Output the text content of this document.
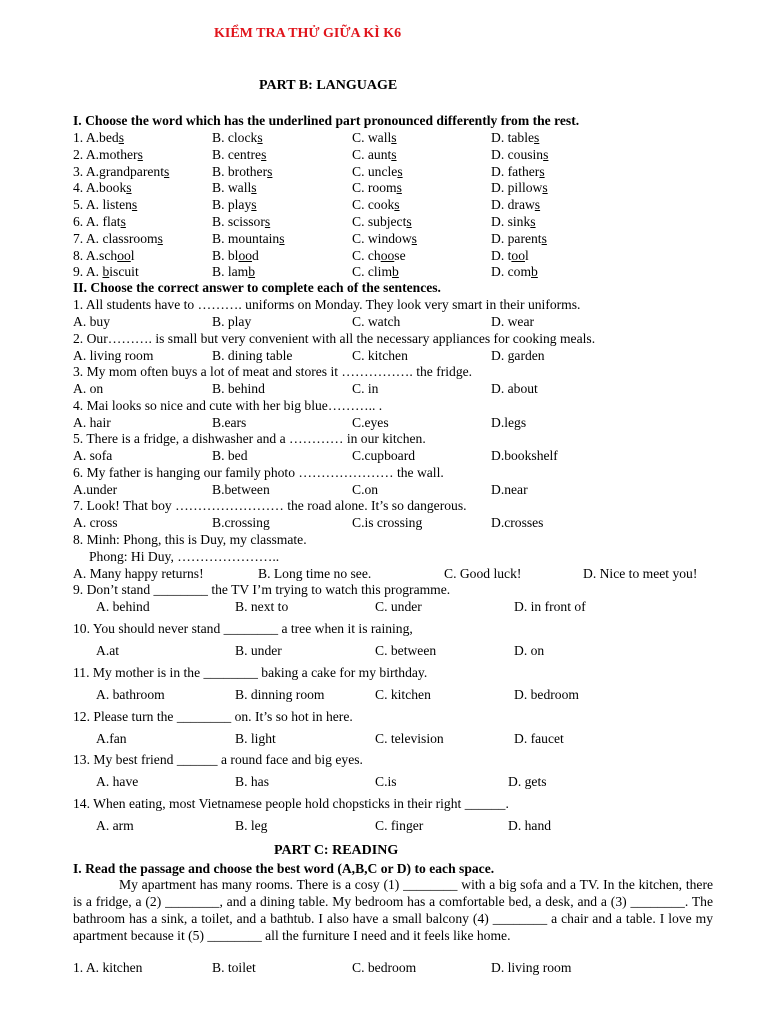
KIỂM TRA THỬ GIỮA KÌ K6
PART B: LANGUAGE
I. Choose the word which has the underlined part pronounced differently from the rest.
1. A.beds	B. clocks	C. walls	D. tables
2. A.mothers	B. centres	C. aunts	D. cousins
3. A.grandparents	B. brothers	C. uncles	D. fathers
4. A.books	B. walls	C. rooms	D. pillows
5. A. listens	B. plays	C. cooks	D. draws
6. A. flats	B. scissors	C. subjects	D. sinks
7. A. classrooms	B. mountains	C. windows	D. parents
8. A.school	B. blood	C. choose	D. tool
9. A. biscuit	B. lamb	C. climb	D. comb
II. Choose the correct answer to complete each of the sentences.
1. All students have to ………. uniforms on Monday. They look very smart in their uniforms.
A. buy	B. play	C. watch	D. wear
2. Our………. is small but very convenient with all the necessary appliances for cooking meals.
A. living room	B. dining table	C. kitchen	D. garden
3. My mom often buys a lot of meat and stores it ……………. the fridge.
A. on	B. behind	C. in	D. about
4. Mai looks so nice and cute with her big blue……….. .
A. hair	B.ears	C.eyes	D.legs
5. There is a fridge, a dishwasher and a ………… in our kitchen.
A. sofa	B. bed	C.cupboard	D.bookshelf
6. My father is hanging our family photo ………………… the wall.
A.under	B.between	C.on	D.near
7. Look! That boy …………………… the road alone. It’s so dangerous.
A. cross	B.crossing	C.is crossing	D.crosses
8. Minh: Phong, this is Duy, my classmate.
Phong: Hi Duy, …………………..
A. Many happy returns!	B. Long time no see.	C. Good luck!	D. Nice to meet you!
9. Don’t stand ________ the TV I’m trying to watch this programme.
A. behind	B. next to	C. under	D. in front of
10. You should never stand ________ a tree when it is raining,
A.at	B. under	C. between	D. on
11. My mother is in the ________ baking a cake for my birthday.
A. bathroom	B. dinning room	C. kitchen	D. bedroom
12. Please turn the ________ on. It’s so hot in here.
A.fan	B. light	C. television	D. faucet
13. My best friend ______ a round face and big eyes.
A. have	B. has	C.is	D. gets
14. When eating, most Vietnamese people hold chopsticks in their right ______.
A. arm	B. leg	C. finger	D. hand
PART C: READING
I. Read the passage and choose the best word (A,B,C or D) to each space.

My apartment has many rooms. There is a cosy (1) ________ with a big sofa and a TV. In the kitchen, there is a fridge, a (2) ________, and a dining table. My bedroom has a comfortable bed, a desk, and a (3) ________. The bathroom has a sink, a toilet, and a bathtub. I also have a small balcony (4) ________ a chair and a table. I love my apartment because it (5) ________ all the furniture I need and it feels like home.

1. A. kitchen	B. toilet	C. bedroom	D. living room
